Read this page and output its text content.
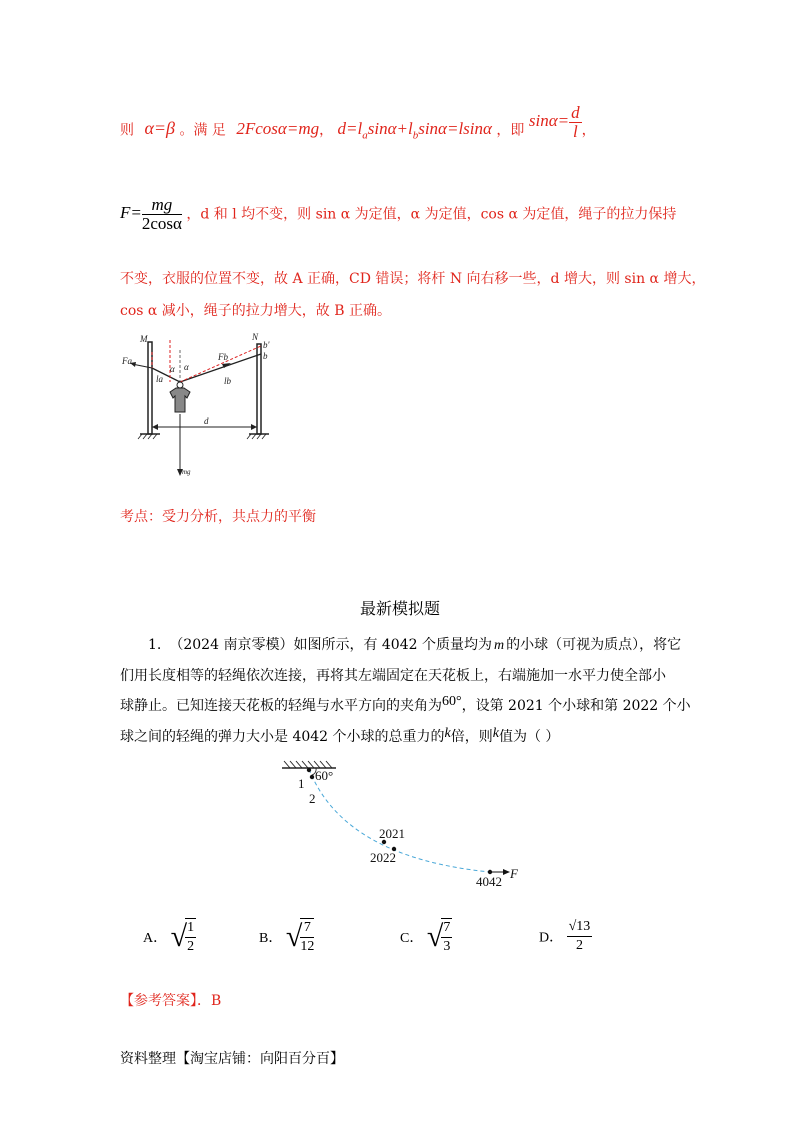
则 α=β 。满 足 2Fcosα=mg， $d=l_a\sin\alpha+l_b\sin\alpha=lsin\alpha$ ，即 $\sin\alpha= \frac{d}{l}$ ，
$F= \frac{mg}{2\cos\alpha}$ ，d 和 l 均不变，则 sin α 为定值，α 为定值，cos α 为定值，绳子的拉力保持
不变，衣服的位置不变，故 A 正确，CD 错误；将杆 N 向右移一些，d 增大，则 sin α 增大，
cos α 减小，绳子的拉力增大，故 B 正确。
M	N
Fa	Fb
α α
la	lb
b'
b
d
mg
考点：受力分析，共点力的平衡
最新模拟题
1. （2024 南京零模）如图所示，有 4042 个质量均为 m 的小球（可视为质点），将它
们用长度相等的轻绳依次连接，再将其左端固定在天花板上，右端施加一水平力使全部小
球静止。已知连接天花板的轻绳与水平方向的夹角为60°，设第 2021 个小球和第 2022 个小
球之间的轻绳的弹力大小是 4042 个小球的总重力的k倍，则k值为（ ）
60°
1
2
2021
2022
4042
F
A． √
$\frac{1}{2}$	B． √
$\frac{7}{12}$	C． √
$\frac{7}{3}$	D． $\frac{√13}{2}$
【参考答案】．B
资料整理【淘宝店铺：向阳百分百】
